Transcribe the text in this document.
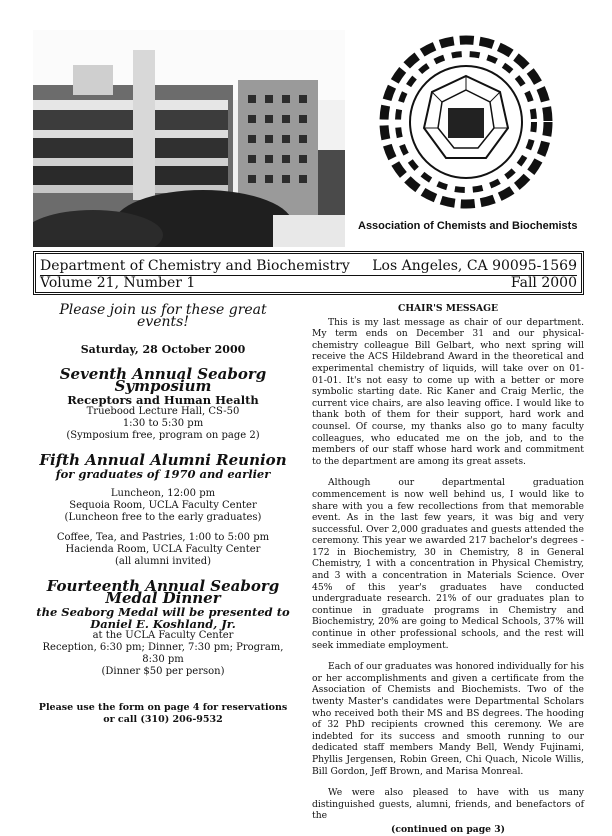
Association of Chemists and Biochemists
Department of Chemistry and Biochemistry Los Angeles, CA 90095-1569
Volume 21, Number 1	Fall 2000
Please join us for these great events!
Saturday, 28 October 2000
Seventh Annual Seaborg Symposium
Receptors and Human Health

Truebood Lecture Hall, CS-50

1:30 to 5:30 pm

(Symposium free, program on page 2)

Fifth Annual Alumni Reunion
for graduates of 1970 and earlier

Luncheon, 12:00 pm

Sequoia Room, UCLA Faculty Center

(Luncheon free to the early graduates)

Coffee, Tea, and Pastries, 1:00 to 5:00 pm

Hacienda Room, UCLA Faculty Center

(all alumni invited)

Fourteenth Annual Seaborg Medal Dinner
the Seaborg Medal will be presented to
Daniel E. Koshland, Jr.

at the UCLA Faculty Center

Reception, 6:30 pm; Dinner, 7:30 pm; Program, 8:30 pm

(Dinner $50 per person)

Please use the form on page 4 for reservations

or call (310) 206-9532

CHAIR'S MESSAGE

This is my last message as chair of our department. My term ends on December 31 and our physical-chemistry colleague Bill Gelbart, who next spring will receive the ACS Hildebrand Award in the theoretical and experimental chemistry of liquids, will take over on 01-01-01. It's not easy to come up with a better or more symbolic starting date. Ric Kaner and Craig Merlic, the current vice chairs, are also leaving office. I would like to thank both of them for their support, hard work and counsel. Of course, my thanks also go to many faculty colleagues, who educated me on the job, and to the members of our staff whose hard work and commitment to the department are among its great assets.

Although our departmental graduation commencement is now well behind us, I would like to share with you a few recollections from that memorable event. As in the last few years, it was big and very successful. Over 2,000 graduates and guests attended the ceremony. This year we awarded 217 bachelor's degrees - 172 in Biochemistry, 30 in Chemistry, 8 in General Chemistry, 1 with a concentration in Physical Chemistry, and 3 with a concentration in Materials Science. Over 45% of this year's graduates have conducted undergraduate research. 21% of our graduates plan to continue in graduate programs in Chemistry and Biochemistry, 20% are going to Medical Schools, 37% will continue in other professional schools, and the rest will seek immediate employment.

Each of our graduates was honored individually for his or her accomplishments and given a certificate from the Association of Chemists and Biochemists. Two of the twenty Master's candidates were Departmental Scholars who received both their MS and BS degrees. The hooding of 32 PhD recipients crowned this ceremony. We are indebted for its success and smooth running to our dedicated staff members Mandy Bell, Wendy Fujinami, Phyllis Jergensen, Robin Green, Chi Quach, Nicole Willis, Bill Gordon, Jeff Brown, and Marisa Monreal.

We were also pleased to have with us many distinguished guests, alumni, friends, and benefactors of the

(continued on page 3)
